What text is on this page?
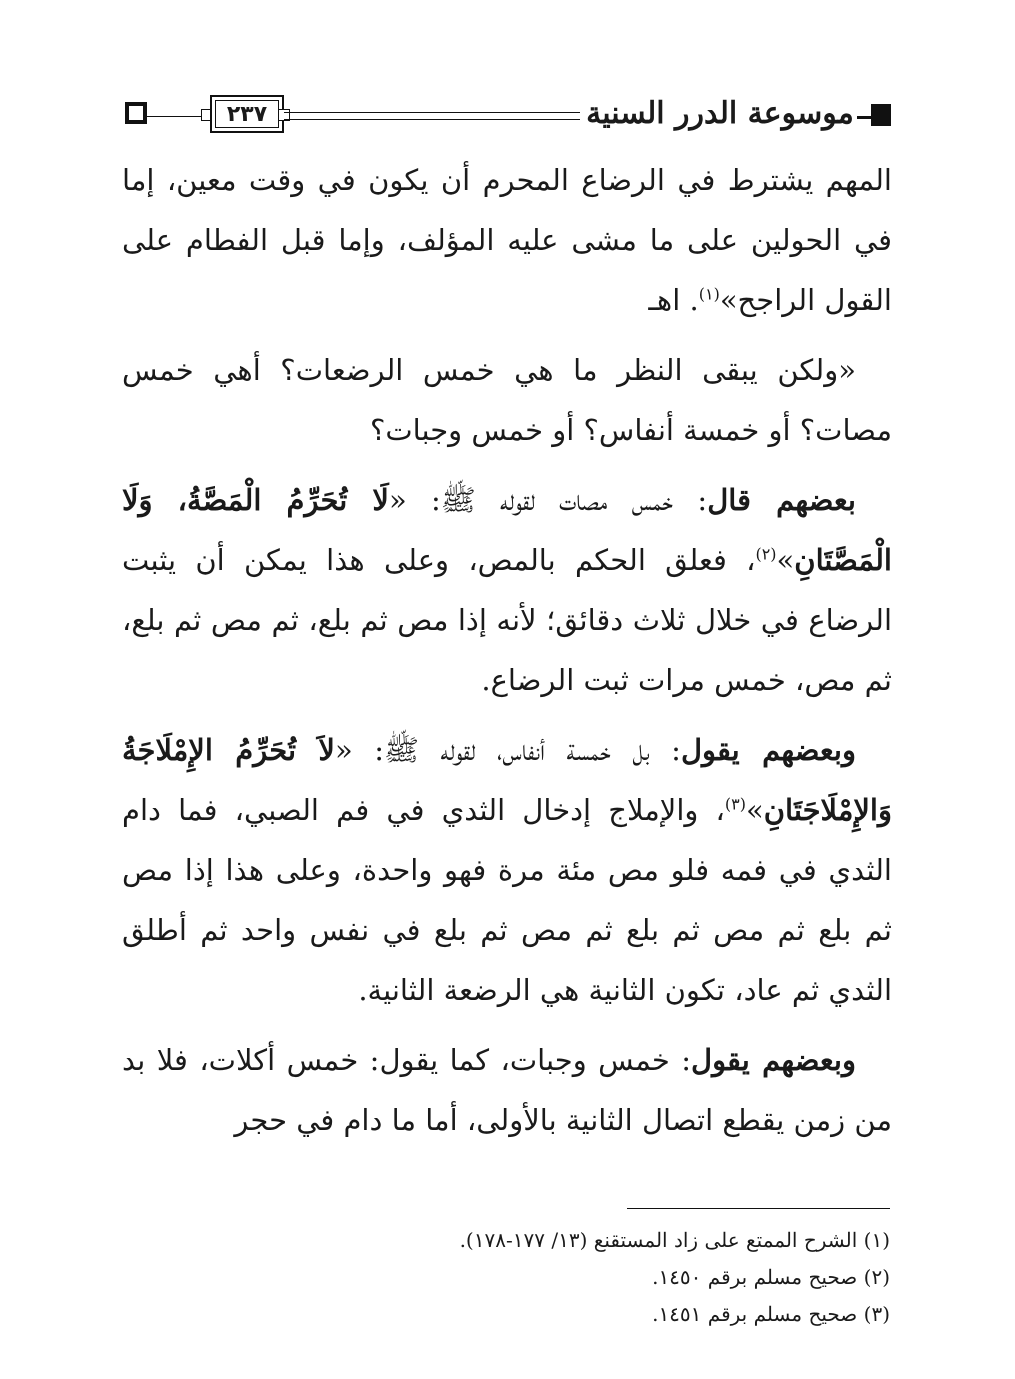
٢٣٧	موسوعة الدرر السنية

المهم يشترط في الرضاع المحرم أن يكون في وقت معين، إما في الحولين على ما مشى عليه المؤلف، وإما قبل الفطام على القول الراجح»$^{(١)}$. اهـ

«ولكن يبقى النظر ما هي خمس الرضعات؟ أهي خمس مصات؟ أو خمسة أنفاس؟ أو خمس وجبات؟

بعضهم قال: خمس مصات لقوله ﷺ: «لَا تُحَرِّمُ الْمَصَّةُ، وَلَا الْمَصَّتَانِ»$^{(٢)}$، فعلق الحكم بالمص، وعلى هذا يمكن أن يثبت الرضاع في خلال ثلاث دقائق؛ لأنه إذا مص ثم بلع، ثم مص ثم بلع، ثم مص، خمس مرات ثبت الرضاع.

وبعضهم يقول: بل خمسة أنفاس، لقوله ﷺ: «لاَ تُحَرِّمُ الإِمْلَاجَةُ وَالإِمْلَاجَتَانِ»$^{(٣)}$، والإملاج إدخال الثدي في فم الصبي، فما دام الثدي في فمه فلو مص مئة مرة فهو واحدة، وعلى هذا إذا مص ثم بلع ثم مص ثم بلع ثم مص ثم بلع في نفس واحد ثم أطلق الثدي ثم عاد، تكون الثانية هي الرضعة الثانية.

وبعضهم يقول: خمس وجبات، كما يقول: خمس أكلات، فلا بد من زمن يقطع اتصال الثانية بالأولى، أما ما دام في حجر

(١) الشرح الممتع على زاد المستقنع (١٣/ ١٧٧-١٧٨).
(٢) صحيح مسلم برقم ١٤٥٠.
(٣) صحيح مسلم برقم ١٤٥١.
